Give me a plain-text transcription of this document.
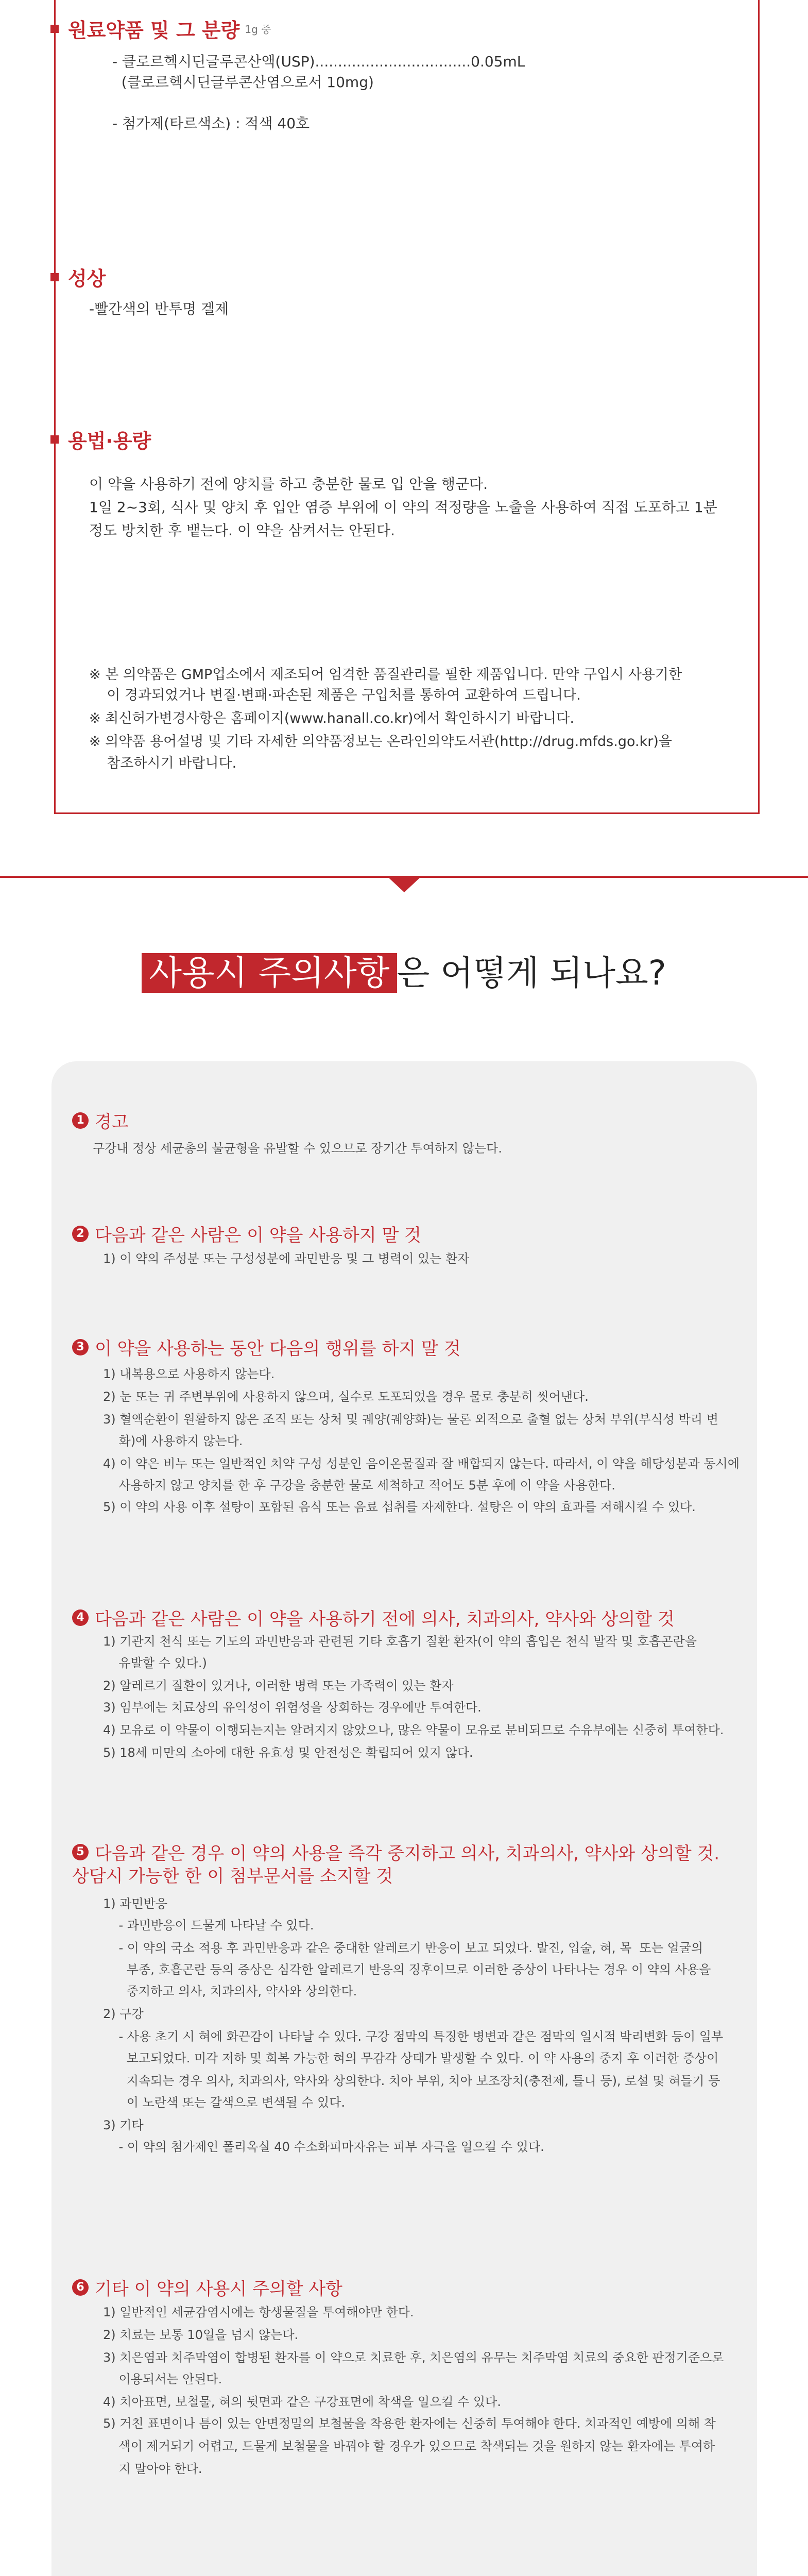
원료약품 및 그 분량 1g 중
- 클로르헥시딘글루콘산액(USP)..................................0.05mL
(클로르헥시딘글루콘산염으로서 10mg)
- 첨가제(타르색소) : 적색 40호
성상
-빨간색의 반투명 겔제
용법·용량
이 약을 사용하기 전에 양치를 하고 충분한 물로 입 안을 행군다.
1일 2~3회, 식사 및 양치 후 입안 염증 부위에 이 약의 적정량을 노출을 사용하여 직접 도포하고 1분
정도 방치한 후 뱉는다. 이 약을 삼켜서는 안된다.
※ 본 의약품은 GMP업소에서 제조되어 엄격한 품질관리를 필한 제품입니다. 만약 구입시 사용기한
이 경과되었거나 변질·변패·파손된 제품은 구입처를 통하여 교환하여 드립니다.
※ 최신허가변경사항은 홈페이지(www.hanall.co.kr)에서 확인하시기 바랍니다.
※ 의약품 용어설명 및 기타 자세한 의약품정보는 온라인의약도서관(http://drug.mfds.go.kr)을
참조하시기 바랍니다.
사용시 주의사항 은 어떻게 되나요?
1 경고
구강내 정상 세균총의 불균형을 유발할 수 있으므로 장기간 투여하지 않는다.
2 다음과 같은 사람은 이 약을 사용하지 말 것
1) 이 약의 주성분 또는 구성성분에 과민반응 및 그 병력이 있는 환자
3 이 약을 사용하는 동안 다음의 행위를 하지 말 것
1) 내복용으로 사용하지 않는다.
2) 눈 또는 귀 주변부위에 사용하지 않으며, 실수로 도포되었을 경우 물로 충분히 씻어낸다.
3) 혈액순환이 원활하지 않은 조직 또는 상처 및 궤양(궤양화)는 물론 외적으로 출혈 없는 상처 부위(부식성 박리 변
화)에 사용하지 않는다.
4) 이 약은 비누 또는 일반적인 치약 구성 성분인 음이온물질과 잘 배합되지 않는다. 따라서, 이 약을 해당성분과 동시에
사용하지 않고 양치를 한 후 구강을 충분한 물로 세척하고 적어도 5분 후에 이 약을 사용한다.
5) 이 약의 사용 이후 설탕이 포함된 음식 또는 음료 섭취를 자제한다. 설탕은 이 약의 효과를 저해시킬 수 있다.
4 다음과 같은 사람은 이 약을 사용하기 전에 의사, 치과의사, 약사와 상의할 것
1) 기관지 천식 또는 기도의 과민반응과 관련된 기타 호흡기 질환 환자(이 약의 흡입은 천식 발작 및 호흡곤란을
유발할 수 있다.)
2) 알레르기 질환이 있거나, 이러한 병력 또는 가족력이 있는 환자
3) 임부에는 치료상의 유익성이 위험성을 상회하는 경우에만 투여한다.
4) 모유로 이 약물이 이행되는지는 알려지지 않았으나, 많은 약물이 모유로 분비되므로 수유부에는 신중히 투여한다.
5) 18세 미만의 소아에 대한 유효성 및 안전성은 확립되어 있지 않다.
5 다음과 같은 경우 이 약의 사용을 즉각 중지하고 의사, 치과의사, 약사와 상의할 것.
상담시 가능한 한 이 첨부문서를 소지할 것
1) 과민반응
- 과민반응이 드물게 나타날 수 있다.
- 이 약의 국소 적용 후 과민반응과 같은 중대한 알레르기 반응이 보고 되었다. 발진, 입술, 혀, 목  또는 얼굴의
부종, 호흡곤란 등의 증상은 심각한 알레르기 반응의 징후이므로 이러한 증상이 나타나는 경우 이 약의 사용을
중지하고 의사, 치과의사, 약사와 상의한다.
2) 구강
- 사용 초기 시 혀에 화끈감이 나타날 수 있다. 구강 점막의 특징한 병변과 같은 점막의 일시적 박리변화 등이 일부
보고되었다. 미각 저하 및 회복 가능한 혀의 무감각 상태가 발생할 수 있다. 이 약 사용의 중지 후 이러한 증상이
지속되는 경우 의사, 치과의사, 약사와 상의한다. 치아 부위, 치아 보조장치(충전제, 틀니 등), 로설 및 혀들기 등
이 노란색 또는 갈색으로 변색될 수 있다.
3) 기타
- 이 약의 첨가제인 폴리옥실 40 수소화피마자유는 피부 자극을 일으킬 수 있다.
6 기타 이 약의 사용시 주의할 사항
1) 일반적인 세균감염시에는 항생물질을 투여해야만 한다.
2) 치료는 보통 10일을 넘지 않는다.
3) 치은염과 치주막염이 합병된 환자를 이 약으로 치료한 후, 치은염의 유무는 치주막염 치료의 중요한 판정기준으로
이용되서는 안된다.
4) 치아표면, 보철물, 혀의 뒷면과 같은 구강표면에 착색을 일으킬 수 있다.
5) 거친 표면이나 틈이 있는 안면정밀의 보철물을 착용한 환자에는 신중히 투여해야 한다. 치과적인 예방에 의해 착
색이 제거되기 어렵고, 드물게 보철물을 바꿔야 할 경우가 있으므로 착색되는 것을 원하지 않는 환자에는 투여하
지 말아야 한다.
